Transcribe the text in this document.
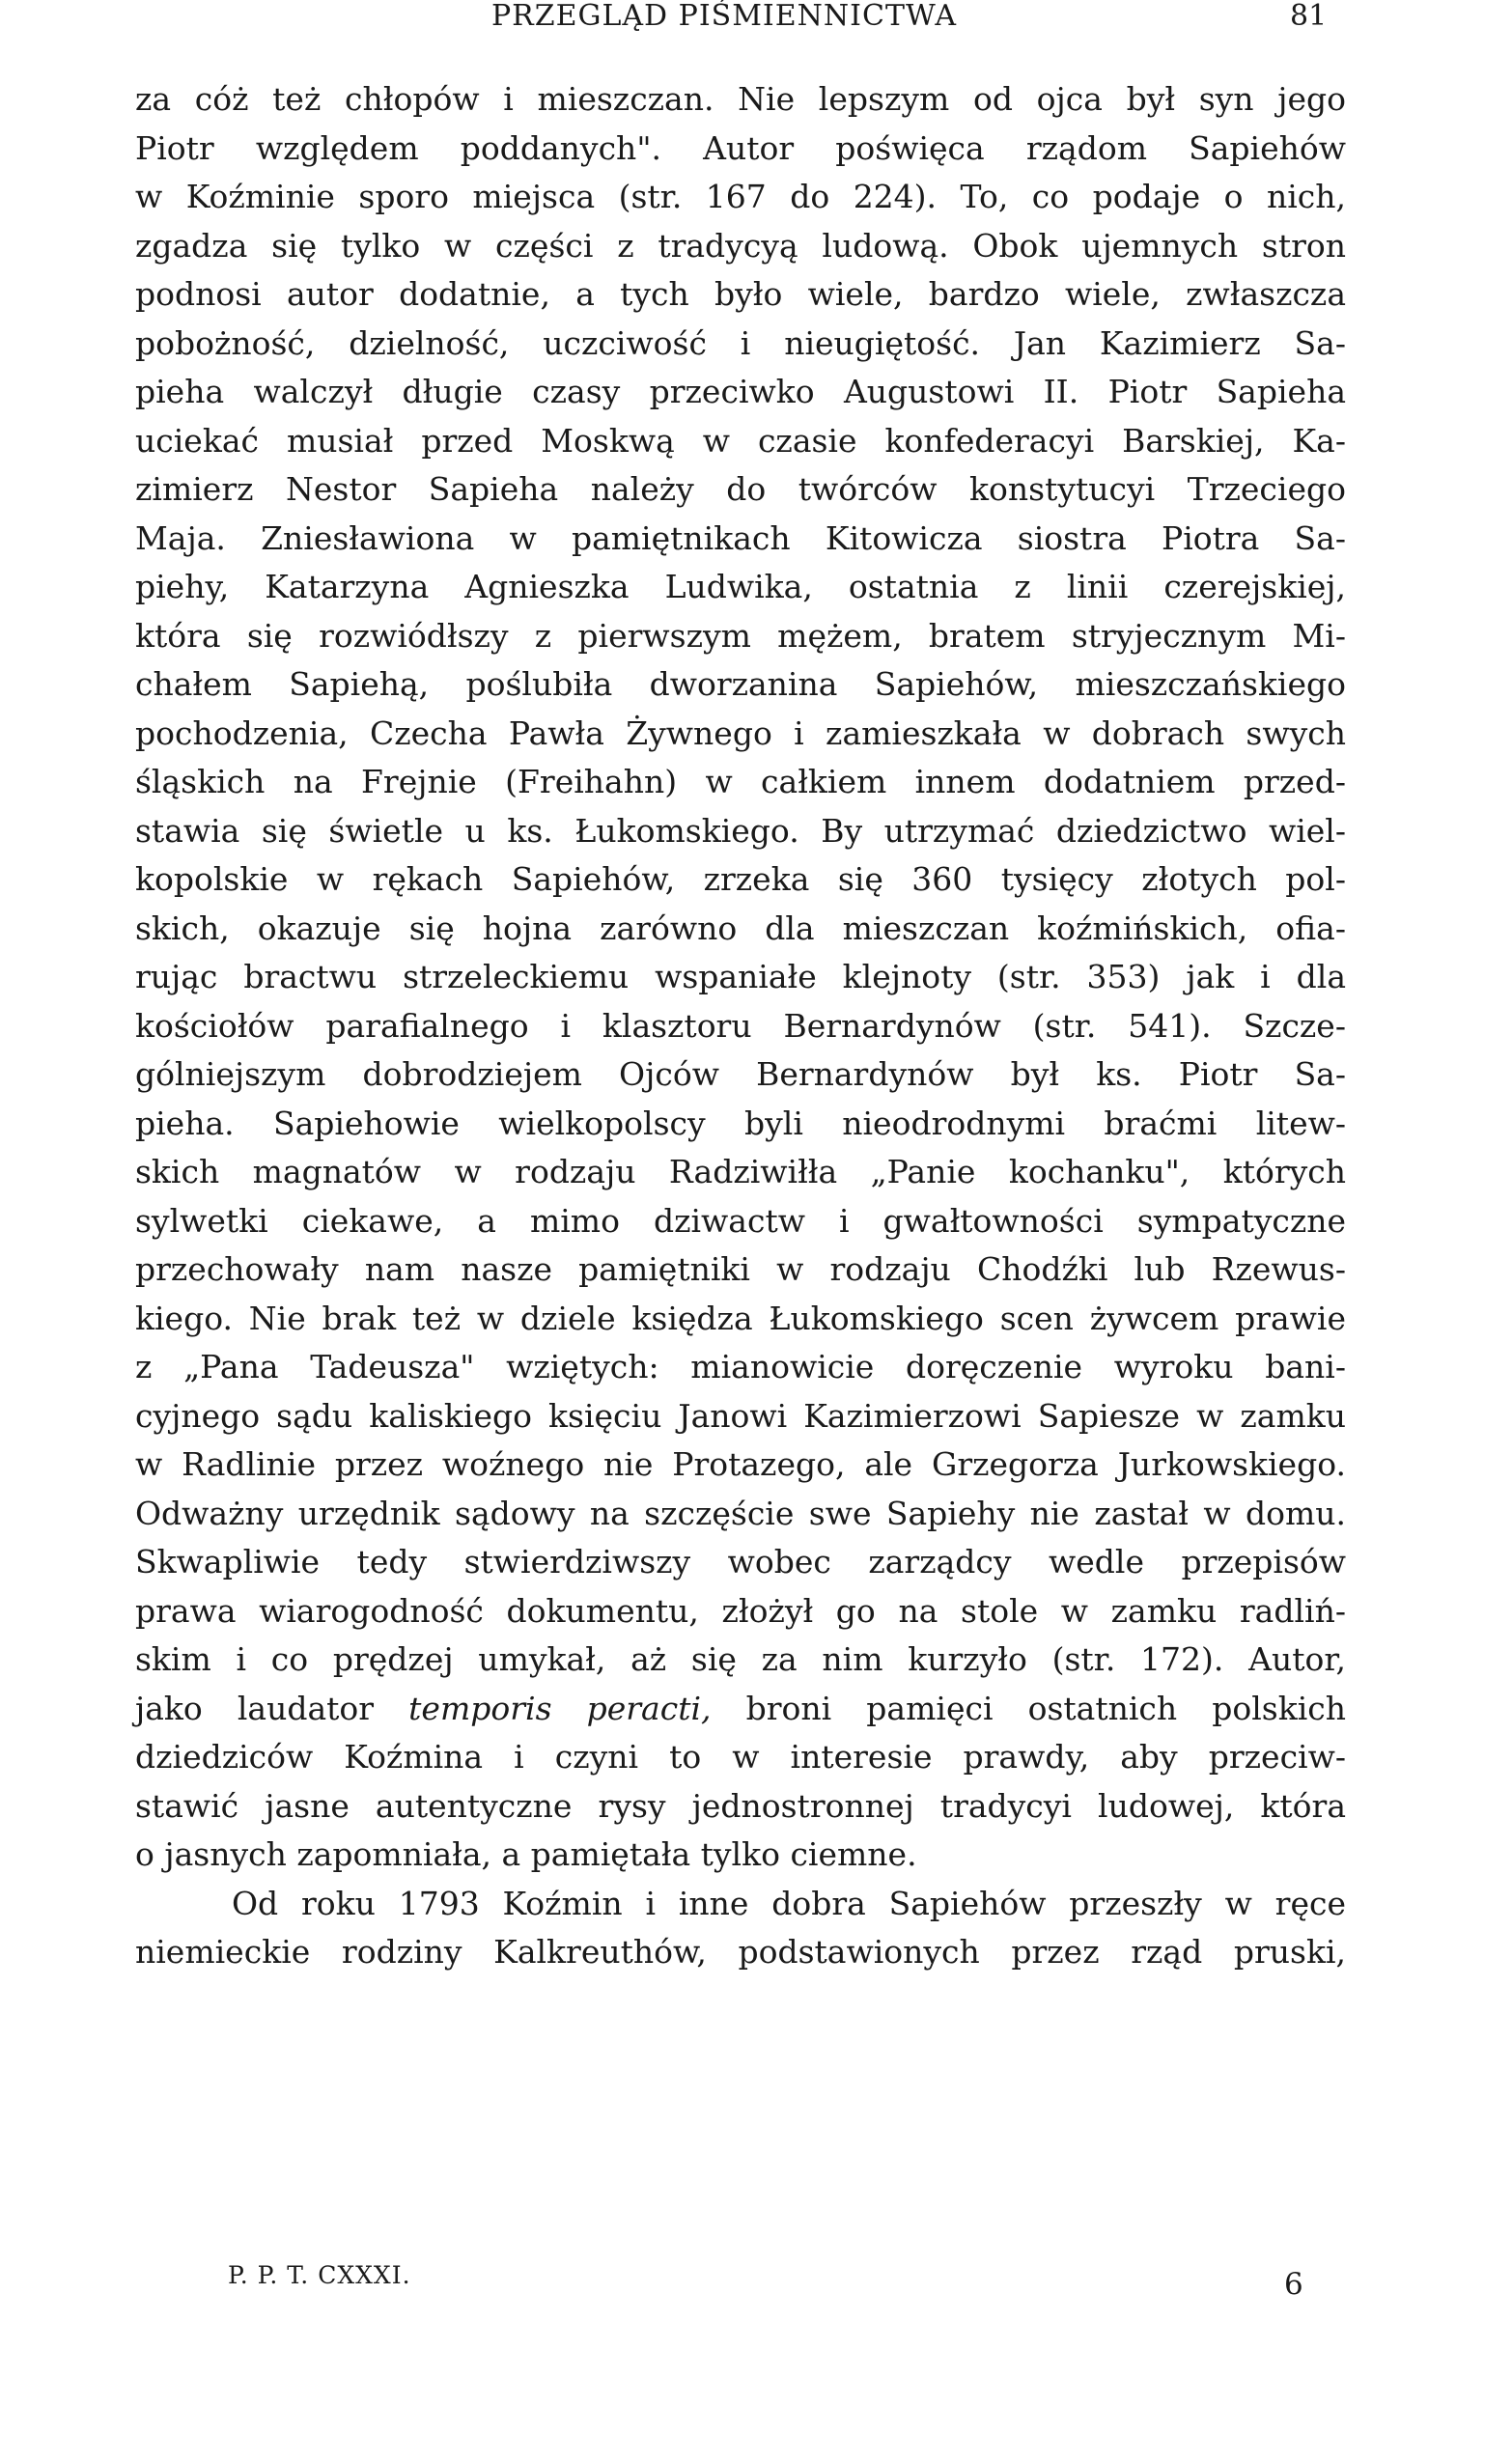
PRZEGLĄD PIŚMIENNICTWA	81
za cóż też chłopów i mieszczan. Nie lepszym od ojca był syn jego
Piotr względem poddanych". Autor poświęca rządom Sapiehów
w Koźminie sporo miejsca (str. 167 do 224). To, co podaje o nich,
zgadza się tylko w części z tradycyą ludową. Obok ujemnych stron
podnosi autor dodatnie, a tych było wiele, bardzo wiele, zwłaszcza
pobożność, dzielność, uczciwość i nieugiętość. Jan Kazimierz Sa-
pieha walczył długie czasy przeciwko Augustowi II. Piotr Sapieha
uciekać musiał przed Moskwą w czasie konfederacyi Barskiej, Ka-
zimierz Nestor Sapieha należy do twórców konstytucyi Trzeciego
Maja. Zniesławiona w pamiętnikach Kitowicza siostra Piotra Sa-
piehy, Katarzyna Agnieszka Ludwika, ostatnia z linii czerejskiej,
która się rozwiódłszy z pierwszym mężem, bratem stryjecznym Mi-
chałem Sapiehą, poślubiła dworzanina Sapiehów, mieszczańskiego
pochodzenia, Czecha Pawła Żywnego i zamieszkała w dobrach swych
śląskich na Frejnie (Freihahn) w całkiem innem dodatniem przed-
stawia się świetle u ks. Łukomskiego. By utrzymać dziedzictwo wiel-
kopolskie w rękach Sapiehów, zrzeka się 360 tysięcy złotych pol-
skich, okazuje się hojna zarówno dla mieszczan koźmińskich, ofia-
rując bractwu strzeleckiemu wspaniałe klejnoty (str. 353) jak i dla
kościołów parafialnego i klasztoru Bernardynów (str. 541). Szcze-
gólniejszym dobrodziejem Ojców Bernardynów był ks. Piotr Sa-
pieha. Sapiehowie wielkopolscy byli nieodrodnymi braćmi litew-
skich magnatów w rodzaju Radziwiłła „Panie kochanku", których
sylwetki ciekawe, a mimo dziwactw i gwałtowności sympatyczne
przechowały nam nasze pamiętniki w rodzaju Chodźki lub Rzewus-
kiego. Nie brak też w dziele księdza Łukomskiego scen żywcem prawie
z „Pana Tadeusza" wziętych: mianowicie doręczenie wyroku bani-
cyjnego sądu kaliskiego księciu Janowi Kazimierzowi Sapiesze w zamku
w Radlinie przez woźnego nie Protazego, ale Grzegorza Jurkowskiego.
Odważny urzędnik sądowy na szczęście swe Sapiehy nie zastał w domu.
Skwapliwie tedy stwierdziwszy wobec zarządcy wedle przepisów
prawa wiarogodność dokumentu, złożył go na stole w zamku radliń-
skim i co prędzej umykał, aż się za nim kurzyło (str. 172). Autor,
jako laudator temporis peracti, broni pamięci ostatnich polskich
dziedziców Koźmina i czyni to w interesie prawdy, aby przeciw-
stawić jasne autentyczne rysy jednostronnej tradycyi ludowej, która
o jasnych zapomniała, a pamiętała tylko ciemne.
Od roku 1793 Koźmin i inne dobra Sapiehów przeszły w ręce
niemieckie rodziny Kalkreuthów, podstawionych przez rząd pruski,
P. P. T. CXXXI.	6
